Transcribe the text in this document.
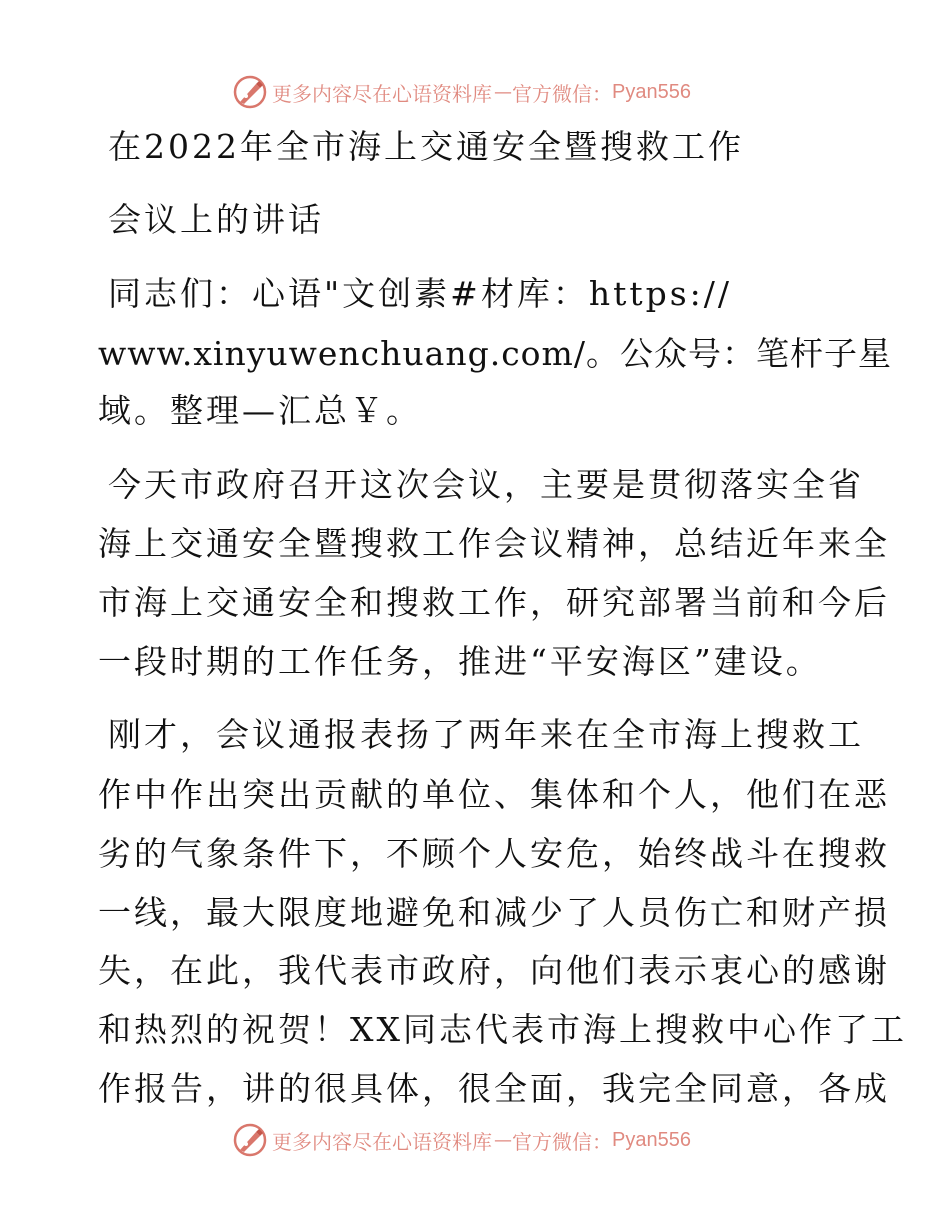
更多内容尽在心语资料库 — 官方微信： Pyan556
在2022年全市海上交通安全暨搜救工作
会议上的讲话
同志们：心语"文创素#材库：https://
www.xinyuwenchuang.com/。公众号：笔杆子星
域。整理—汇总￥。
今天市政府召开这次会议，主要是贯彻落实全省
海上交通安全暨搜救工作会议精神，总结近年来全
市海上交通安全和搜救工作，研究部署当前和今后
一段时期的工作任务，推进“平安海区”建设。
刚才，会议通报表扬了两年来在全市海上搜救工
作中作出突出贡献的单位、集体和个人，他们在恶
劣的气象条件下，不顾个人安危，始终战斗在搜救
一线，最大限度地避免和减少了人员伤亡和财产损
失，在此，我代表市政府，向他们表示衷心的感谢
和热烈的祝贺！XX同志代表市海上搜救中心作了工
作报告，讲的很具体，很全面，我完全同意，各成
更多内容尽在心语资料库 — 官方微信： Pyan556
